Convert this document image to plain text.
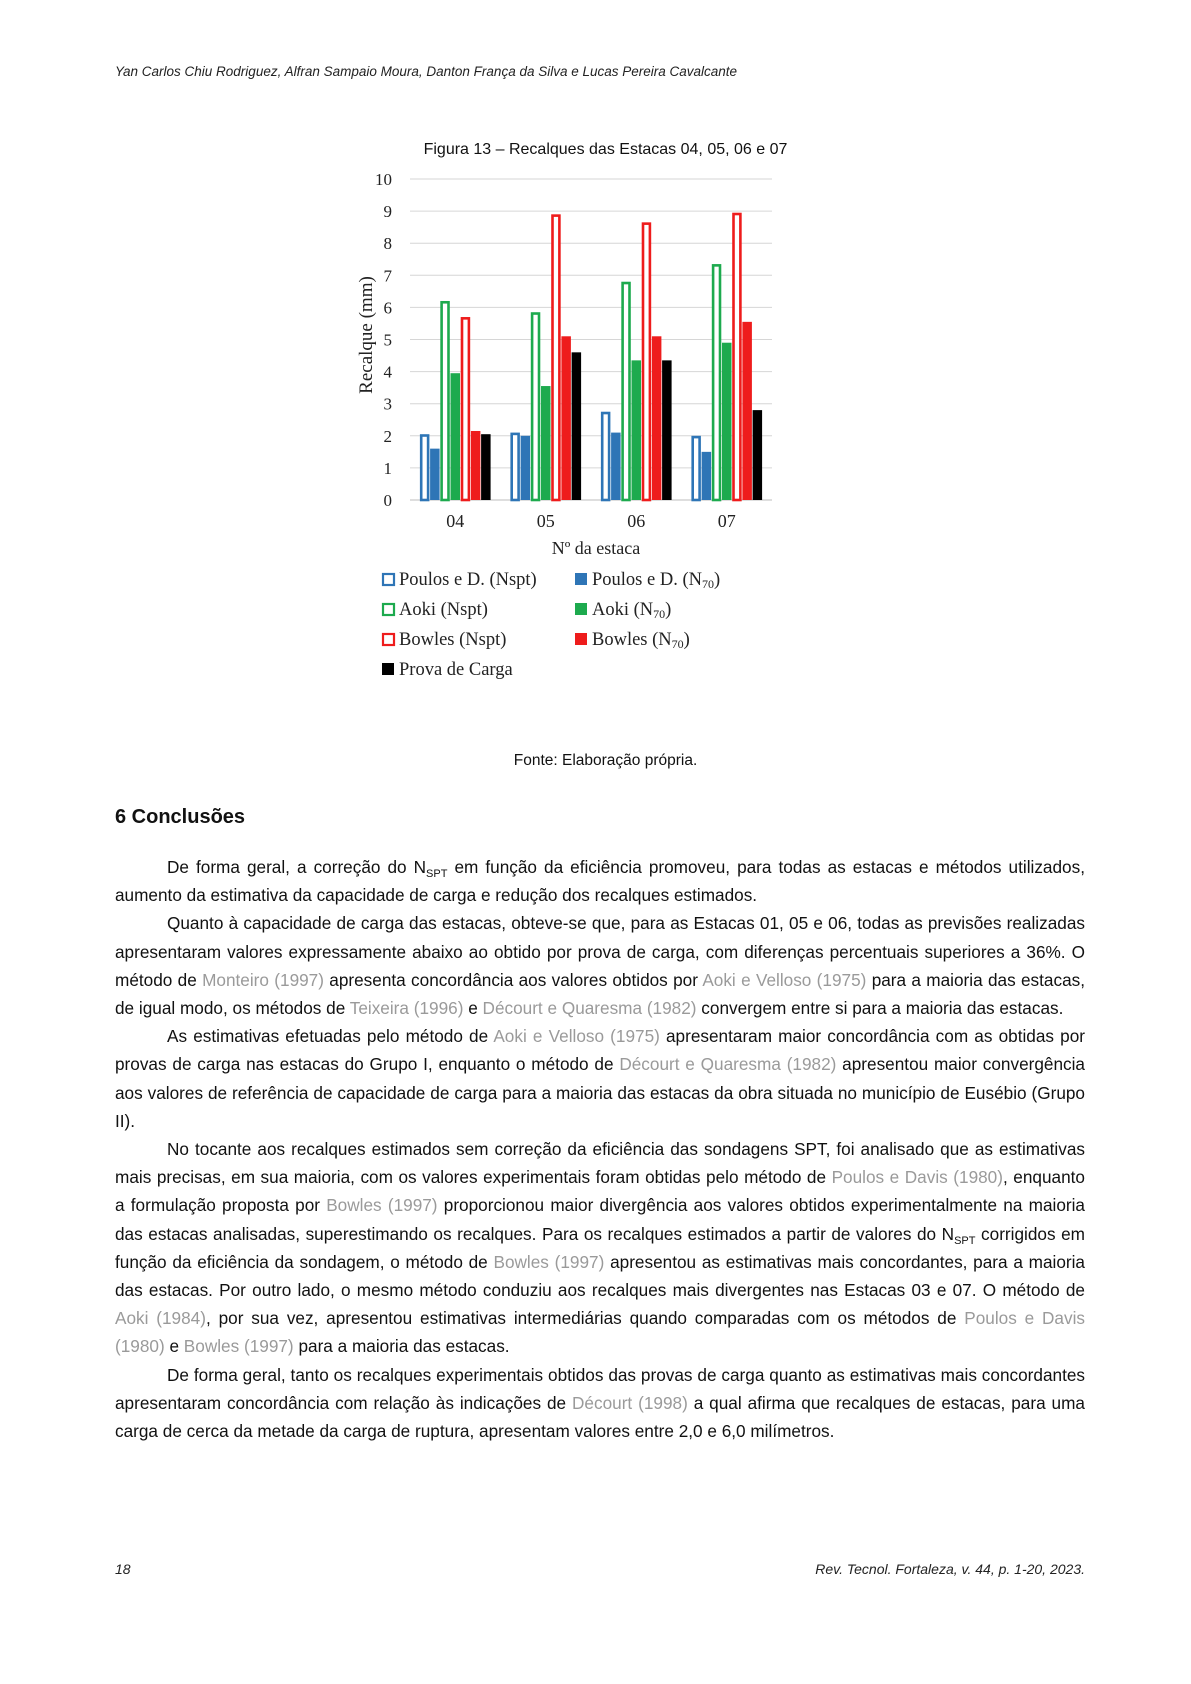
Yan Carlos Chiu Rodriguez, Alfran Sampaio Moura, Danton França da Silva e Lucas Pereira Cavalcante
Figura 13 – Recalques das Estacas 04, 05, 06 e 07
0
1
2
3
4
5
6
7
8
9
10
04	05	06	07
Recalque (mm)
Nº da estaca
Poulos e D. (Nspt)	Poulos e D. (N70)
Aoki (Nspt)	Aoki (N70)
Bowles (Nspt)	Bowles (N70)
Prova de Carga
Fonte: Elaboração própria.
6 Conclusões

De forma geral, a correção do $N_{SPT}$ em função da eficiência promoveu, para todas as estacas e métodos utilizados, aumento da estimativa da capacidade de carga e redução dos recalques estimados.

Quanto à capacidade de carga das estacas, obteve-se que, para as Estacas 01, 05 e 06, todas as previsões realizadas apresentaram valores expressamente abaixo ao obtido por prova de carga, com diferenças percentuais superiores a 36%. O método de Monteiro (1997) apresenta concordância aos valores obtidos por Aoki e Velloso (1975) para a maioria das estacas, de igual modo, os métodos de Teixeira (1996) e Décourt e Quaresma (1982) convergem entre si para a maioria das estacas.

As estimativas efetuadas pelo método de Aoki e Velloso (1975) apresentaram maior concordância com as obtidas por provas de carga nas estacas do Grupo I, enquanto o método de Décourt e Quaresma (1982) apresentou maior convergência aos valores de referência de capacidade de carga para a maioria das estacas da obra situada no município de Eusébio (Grupo II).

No tocante aos recalques estimados sem correção da eficiência das sondagens SPT, foi analisado que as estimativas mais precisas, em sua maioria, com os valores experimentais foram obtidas pelo método de Poulos e Davis (1980), enquanto a formulação proposta por Bowles (1997) proporcionou maior divergência aos valores obtidos experimentalmente na maioria das estacas analisadas, superestimando os recalques. Para os recalques estimados a partir de valores do $N_{SPT}$ corrigidos em função da eficiência da sondagem, o método de Bowles (1997) apresentou as estimativas mais concordantes, para a maioria das estacas. Por outro lado, o mesmo método conduziu aos recalques mais divergentes nas Estacas 03 e 07. O método de Aoki (1984), por sua vez, apresentou estimativas intermediárias quando comparadas com os métodos de Poulos e Davis (1980) e Bowles (1997) para a maioria das estacas.

De forma geral, tanto os recalques experimentais obtidos das provas de carga quanto as estimativas mais concordantes apresentaram concordância com relação às indicações de Décourt (1998) a qual afirma que recalques de estacas, para uma carga de cerca da metade da carga de ruptura, apresentam valores entre 2,0 e 6,0 milímetros.

18	Rev. Tecnol. Fortaleza, v. 44, p. 1-20, 2023.
